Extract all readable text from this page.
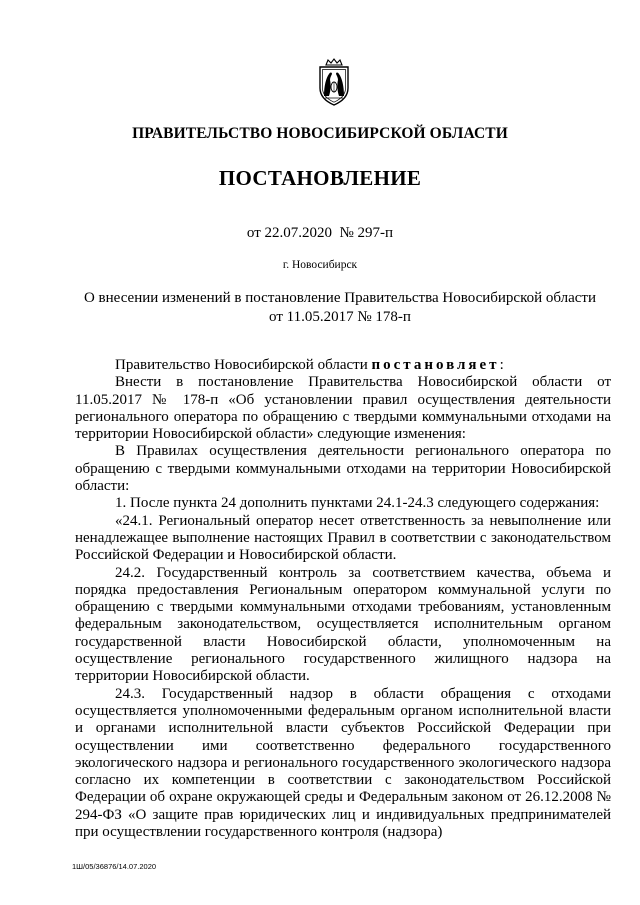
ПРАВИТЕЛЬСТВО НОВОСИБИРСКОЙ ОБЛАСТИ
ПОСТАНОВЛЕНИЕ
от 22.07.2020 № 297-п
г. Новосибирск
О внесении изменений в постановление Правительства Новосибирской области
от 11.05.2017 № 178-п

Правительство Новосибирской области постановляет:

Внести в постановление Правительства Новосибирской области от 11.05.2017 № 178-п «Об установлении правил осуществления деятельности регионального оператора по обращению с твердыми коммунальными отходами на территории Новосибирской области» следующие изменения:

В Правилах осуществления деятельности регионального оператора по обращению с твердыми коммунальными отходами на территории Новосибирской области:

1. После пункта 24 дополнить пунктами 24.1-24.3 следующего содержания:

«24.1. Региональный оператор несет ответственность за невыполнение или ненадлежащее выполнение настоящих Правил в соответствии с законодательством Российской Федерации и Новосибирской области.

24.2. Государственный контроль за соответствием качества, объема и порядка предоставления Региональным оператором коммунальной услуги по обращению с твердыми коммунальными отходами требованиям, установленным федеральным законодательством, осуществляется исполнительным органом государственной власти Новосибирской области, уполномоченным на осуществление регионального государственного жилищного надзора на территории Новосибирской области.

24.3. Государственный надзор в области обращения с отходами осуществляется уполномоченными федеральным органом исполнительной власти и органами исполнительной власти субъектов Российской Федерации при осуществлении ими соответственно федерального государственного экологического надзора и регионального государственного экологического надзора согласно их компетенции в соответствии с законодательством Российской Федерации об охране окружающей среды и Федеральным законом от 26.12.2008 № 294-ФЗ «О защите прав юридических лиц и индивидуальных предпринимателей при осуществлении государственного контроля (надзора)

1Ш/05/36876/14.07.2020
